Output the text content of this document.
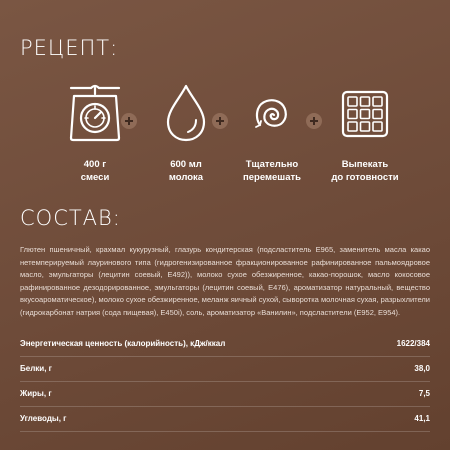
РЕЦЕПТ:
400 г
смеси
600 мл
молока
Тщательно
перемешать
Выпекать
до готовности
СОСТАВ:
Глютен пшеничный, крахмал кукурузный, глазурь кондитерская (подсластитель Е965, заменитель масла какао нетемперируемый лауринового типа (гидрогенизированное фракционированное рафинированное пальмоядровое масло, эмульгаторы (лецитин соевый, Е492)), молоко сухое обезжиренное, какао-порошок, масло кокосовое рафинированное дезодорированное, эмульгаторы (лецитин соевый, Е476), ароматизатор натуральный, вещество вкусоароматическое), молоко сухое обезжиренное, меланж яичный сухой, сыворотка молочная сухая, разрыхлители (гидрокарбонат натрия (сода пищевая), Е450i), соль, ароматизатор «Ванилин», подсластители (Е952, Е954).
Энергетическая ценность (калорийность), кДж/ккал	1622/384
Белки, г	38,0
Жиры, г	7,5
Углеводы, г	41,1
